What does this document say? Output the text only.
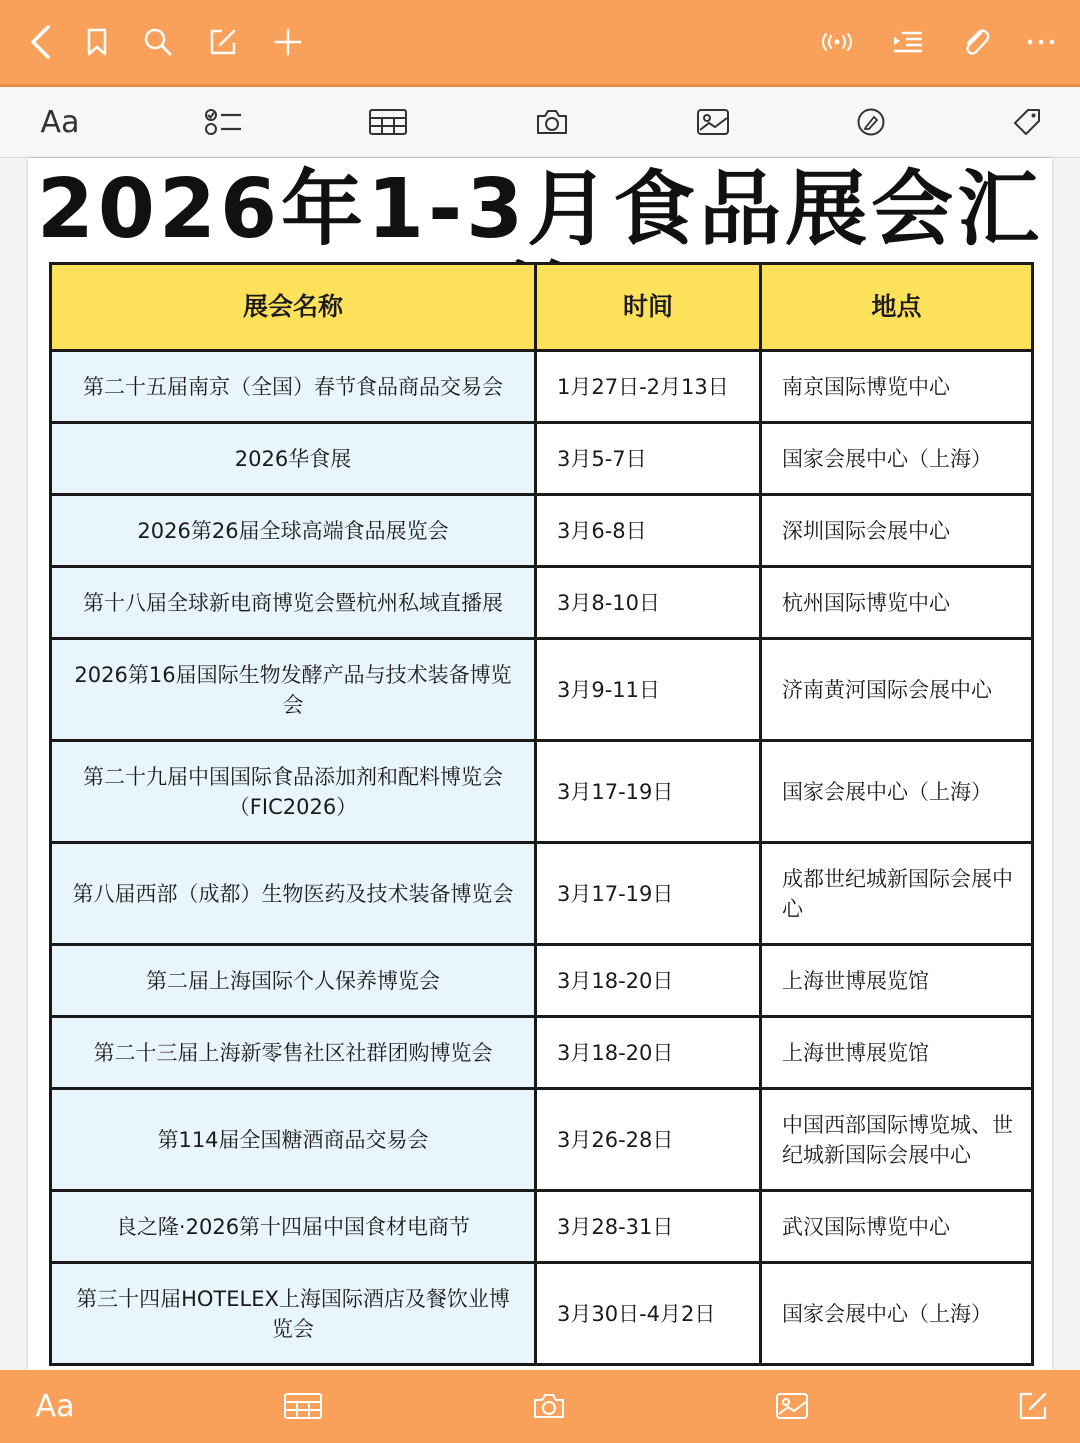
Aa
2026年1-3月食品展会汇
展会名称	时间	地点
第二十五届南京（全国）春节食品商品交易会	1月27日-2月13日	南京国际博览中心
2026华食展	3月5-7日	国家会展中心（上海）
2026第26届全球高端食品展览会	3月6-8日	深圳国际会展中心
第十八届全球新电商博览会暨杭州私域直播展	3月8-10日	杭州国际博览中心
2026第16届国际生物发酵产品与技术装备博览会	3月9-11日	济南黄河国际会展中心
第二十九届中国国际食品添加剂和配料博览会（FIC2026）	3月17-19日	国家会展中心（上海）
第八届西部（成都）生物医药及技术装备博览会	3月17-19日	成都世纪城新国际会展中心
第二届上海国际个人保养博览会	3月18-20日	上海世博展览馆
第二十三届上海新零售社区社群团购博览会	3月18-20日	上海世博展览馆
第114届全国糖酒商品交易会	3月26-28日	中国西部国际博览城、世纪城新国际会展中心
良之隆·2026第十四届中国食材电商节	3月28-31日	武汉国际博览中心
第三十四届HOTELEX上海国际酒店及餐饮业博览会	3月30日-4月2日	国家会展中心（上海）
Aa
